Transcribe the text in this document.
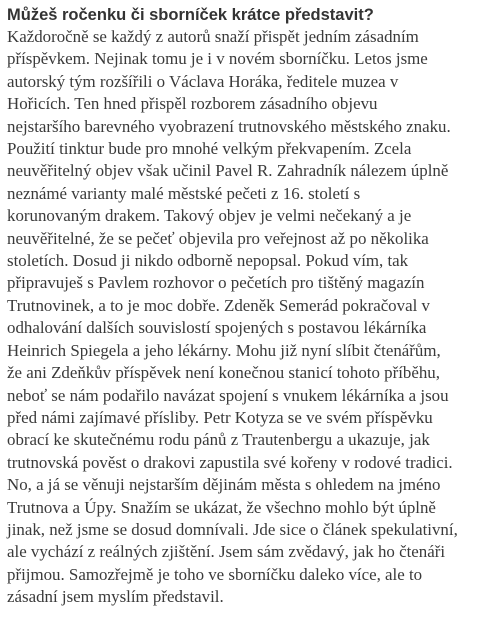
Můžeš ročenku či sborníček krátce představit?

Každoročně se každý z autorů snaží přispět jedním zásadním
příspěvkem. Nejinak tomu je i v novém sborníčku. Letos jsme
autorský tým rozšířili o Václava Horáka, ředitele muzea v
Hořicích. Ten hned přispěl rozborem zásadního objevu
nejstaršího barevného vyobrazení trutnovského městského znaku.
Použití tinktur bude pro mnohé velkým překvapením. Zcela
neuvěřitelný objev však učinil Pavel R. Zahradník nálezem úplně
neznámé varianty malé městské pečeti z 16. století s
korunovaným drakem. Takový objev je velmi nečekaný a je
neuvěřitelné, že se pečeť objevila pro veřejnost až po několika
stoletích. Dosud ji nikdo odborně nepopsal. Pokud vím, tak
připravuješ s Pavlem rozhovor o pečetích pro tištěný magazín
Trutnovinek, a to je moc dobře. Zdeněk Semerád pokračoval v
odhalování dalších souvislostí spojených s postavou lékárníka
Heinrich Spiegela a jeho lékárny. Mohu již nyní slíbit čtenářům,
že ani Zdeňkův příspěvek není konečnou stanicí tohoto příběhu,
neboť se nám podařilo navázat spojení s vnukem lékárníka a jsou
před námi zajímavé přísliby. Petr Kotyza se ve svém příspěvku
obrací ke skutečnému rodu pánů z Trautenbergu a ukazuje, jak
trutnovská pověst o drakovi zapustila své kořeny v rodové tradici.
No, a já se věnuji nejstarším dějinám města s ohledem na jméno
Trutnova a Úpy. Snažím se ukázat, že všechno mohlo být úplně
jinak, než jsme se dosud domnívali. Jde sice o článek spekulativní,
ale vychází z reálných zjištění. Jsem sám zvědavý, jak ho čtenáři
přijmou. Samozřejmě je toho ve sborníčku daleko více, ale to
zásadní jsem myslím představil.
